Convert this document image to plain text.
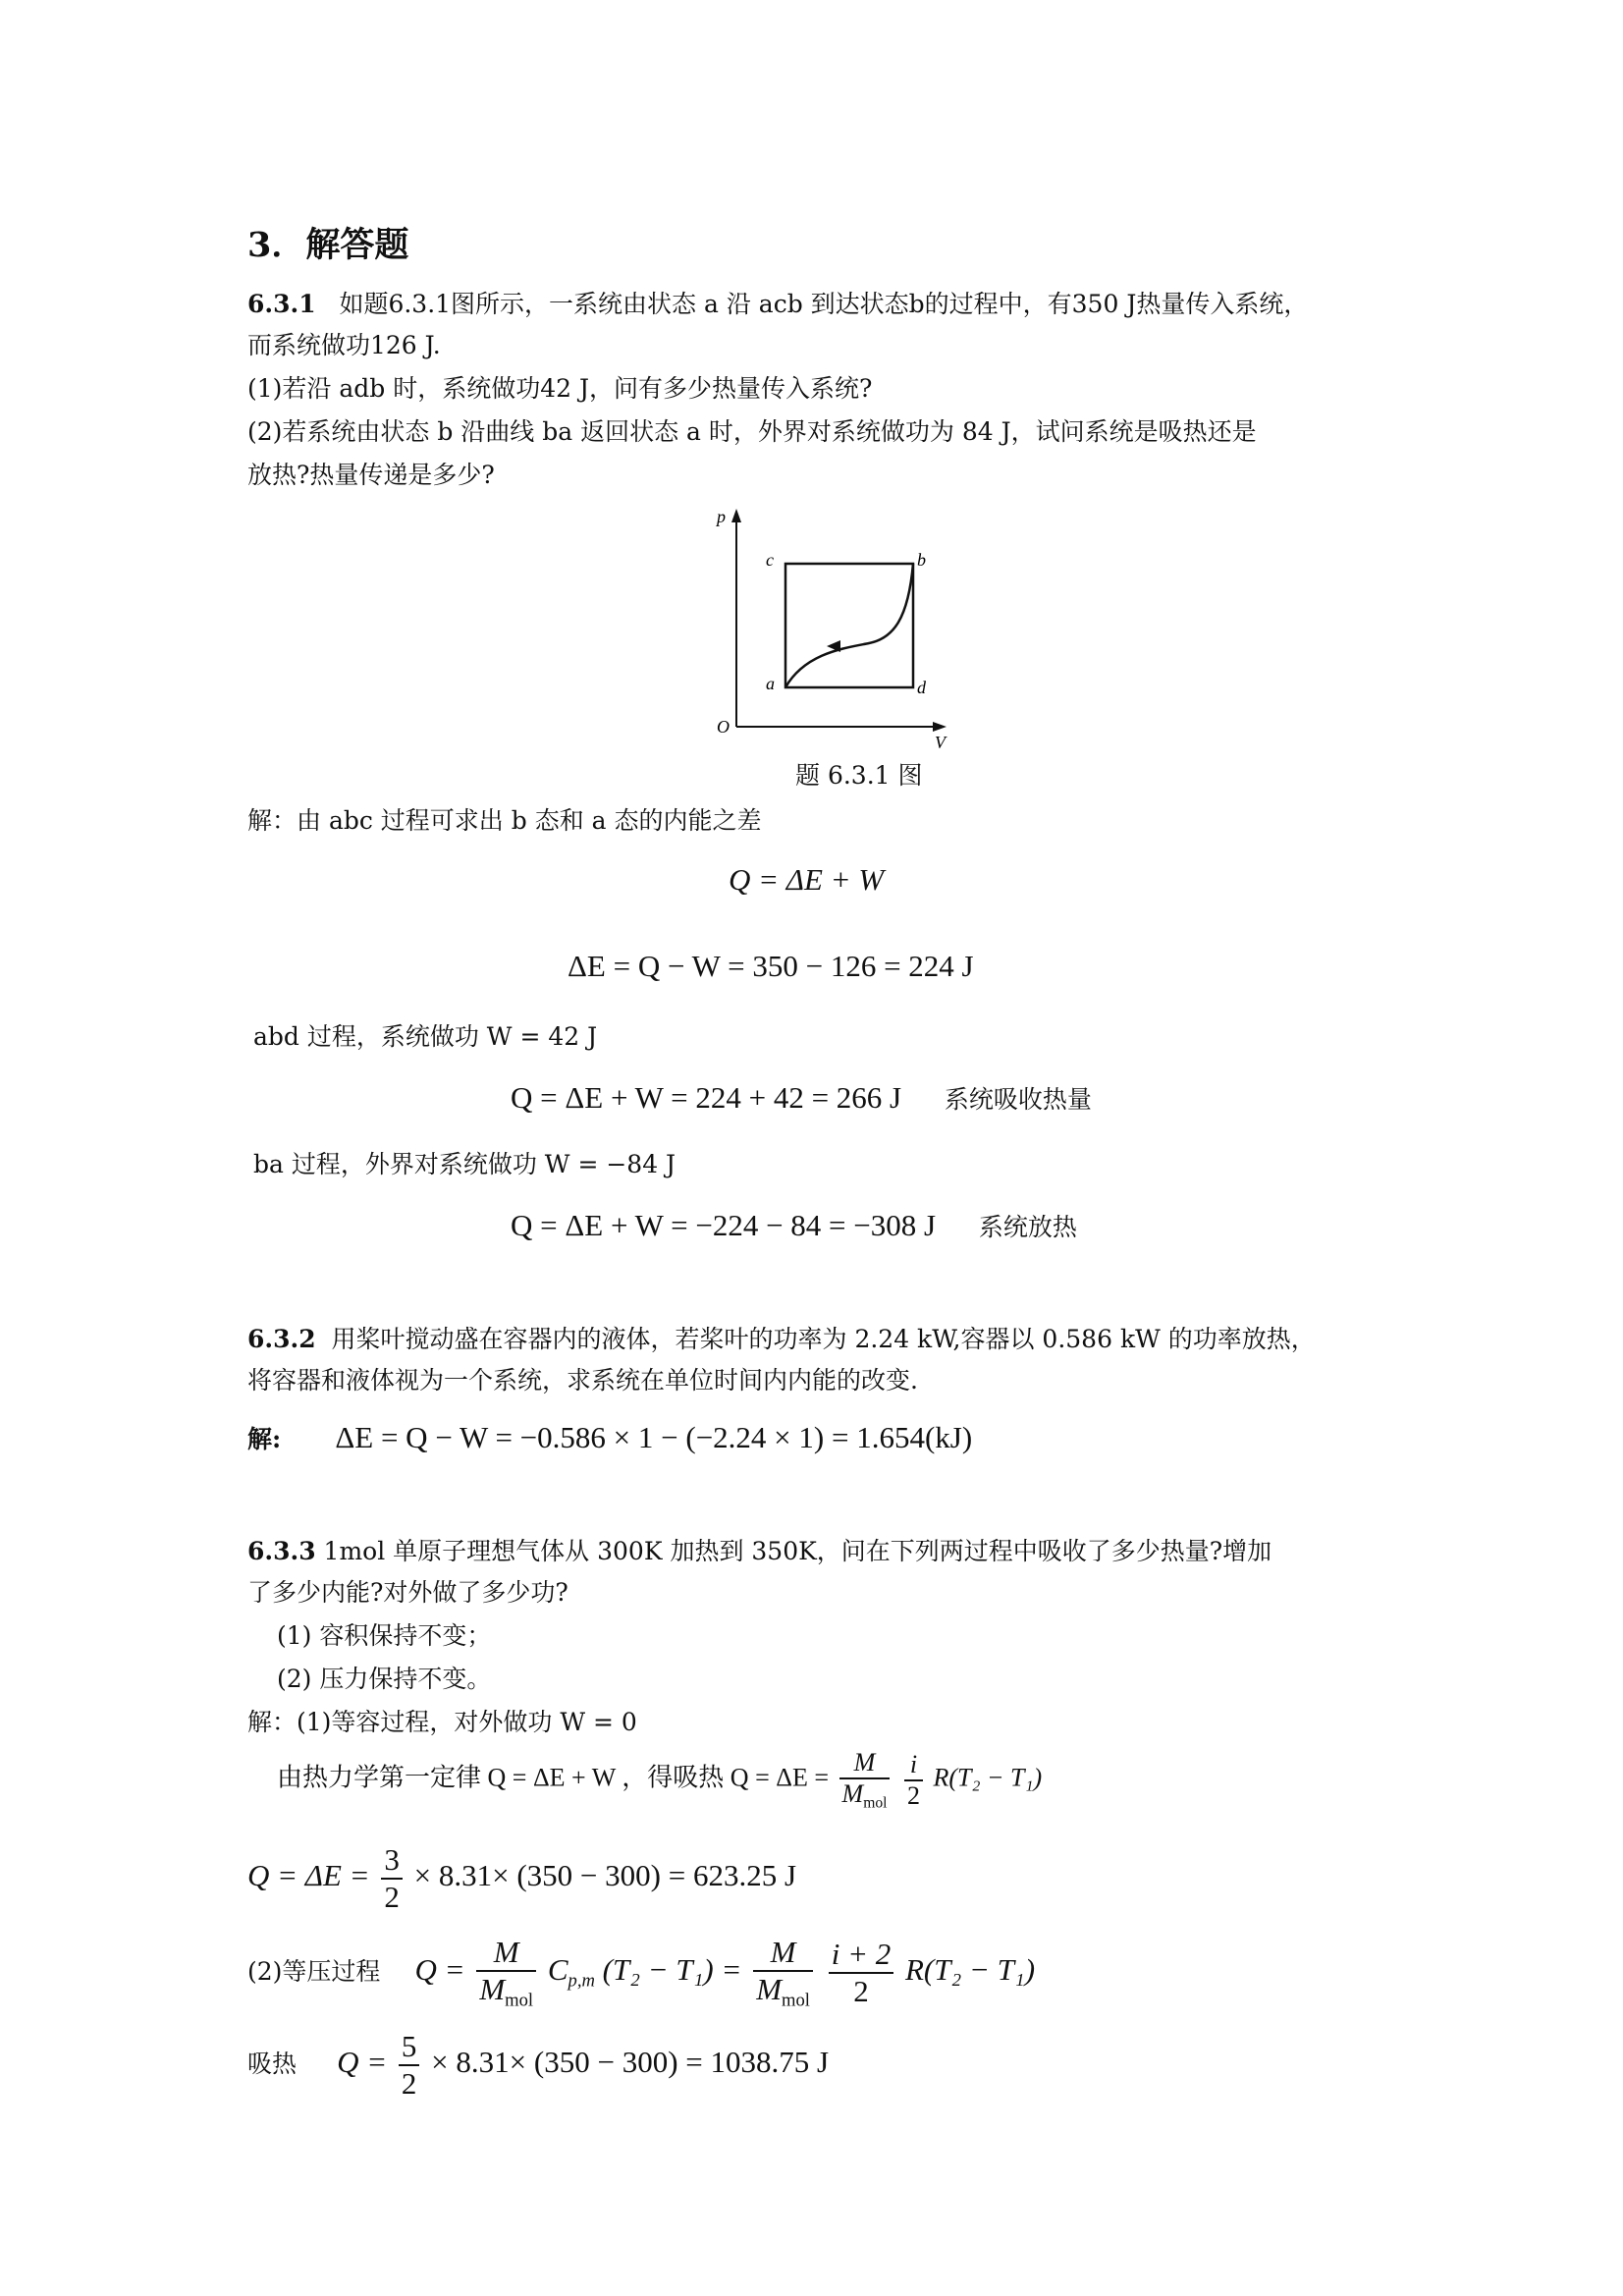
3．解答题
6.3.1 如题6.3.1图所示，一系统由状态 a 沿 acb 到达状态b的过程中，有350 J热量传入系统，
而系统做功126 J.
(1)若沿 adb 时，系统做功42 J，问有多少热量传入系统?
(2)若系统由状态 b 沿曲线 ba 返回状态 a 时，外界对系统做功为 84 J，试问系统是吸热还是
放热?热量传递是多少?
p
V
O
c	b
a	d
题 6.3.1 图
解：由 abc 过程可求出 b 态和 a 态的内能之差
Q = ΔE + W
ΔE = Q − W = 350 − 126 = 224 J
abd 过程，系统做功 W = 42 J
Q = ΔE + W = 224 + 42 = 266 J 系统吸收热量
ba 过程，外界对系统做功 W = −84 J
Q = ΔE + W = −224 − 84 = −308 J 系统放热
6.3.2 用桨叶搅动盛在容器内的液体，若桨叶的功率为 2.24 kW,容器以 0.586 kW 的功率放热，
将容器和液体视为一个系统，求系统在单位时间内内能的改变.
解: ΔE = Q − W = −0.586 × 1 − (−2.24 × 1) = 1.654(kJ)
6.3.3 1mol 单原子理想气体从 300K 加热到 350K，问在下列两过程中吸收了多少热量?增加
了多少内能?对外做了多少功?
(1) 容积保持不变；
(2) 压力保持不变。
解：(1)等容过程，对外做功 W = 0
由热力学第一定律 Q = ΔE + W ，得吸热 $Q = \Delta E = \frac{M}{M_{mol}}$
$\frac{i}{2} R(T_2 - T_1)$
$Q = \Delta E = \frac{3}{2} \times 8.31\times (350 - 300) = 623.25$ J
(2)等压过程 $Q = \frac{M}{M_{mol}} C_{p,m}$ $(T_2 - T_1) = \frac{M}{M_{mol}}$
$\frac{i + 2}{2} R(T_2 - T_1)$
吸热 $Q = \frac{5}{2} \times 8.31\times (350 - 300) = 1038.75$ J
